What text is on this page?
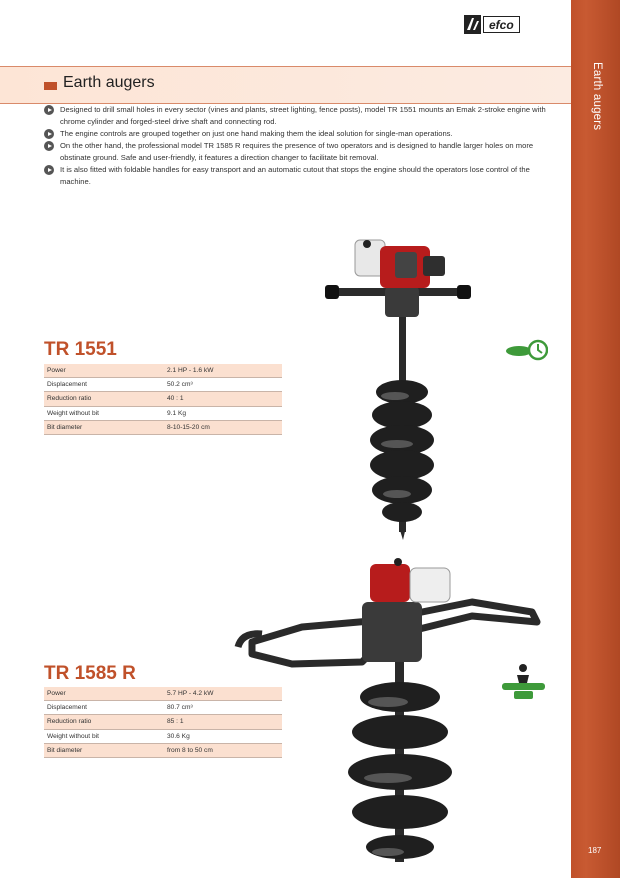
Earth augers
187
efco
Earth augers
Designed to drill small holes in every sector (vines and plants, street lighting, fence posts), model TR 1551 mounts an Emak 2-stroke engine with chrome cylinder and forged-steel drive shaft and connecting rod.
The engine controls are grouped together on just one hand making them the ideal solution for single-man operations.
On the other hand, the professional model TR 1585 R requires the presence of two operators and is designed to handle larger holes on more obstinate ground. Safe and user-friendly, it features a direction changer to facilitate bit removal.
It is also fitted with foldable handles for easy transport and an automatic cutout that stops the engine should the operators lose control of the machine.
TR 1551
Power	2.1 HP - 1.6 kW
Displacement	50.2 cm³
Reduction ratio	40 : 1
Weight without bit	9.1 Kg
Bit diameter	8-10-15-20 cm
TR 1585 R
Power	5.7 HP - 4.2 kW
Displacement	80.7 cm³
Reduction ratio	85 : 1
Weight without bit	30.6 Kg
Bit diameter	from 8 to 50 cm
